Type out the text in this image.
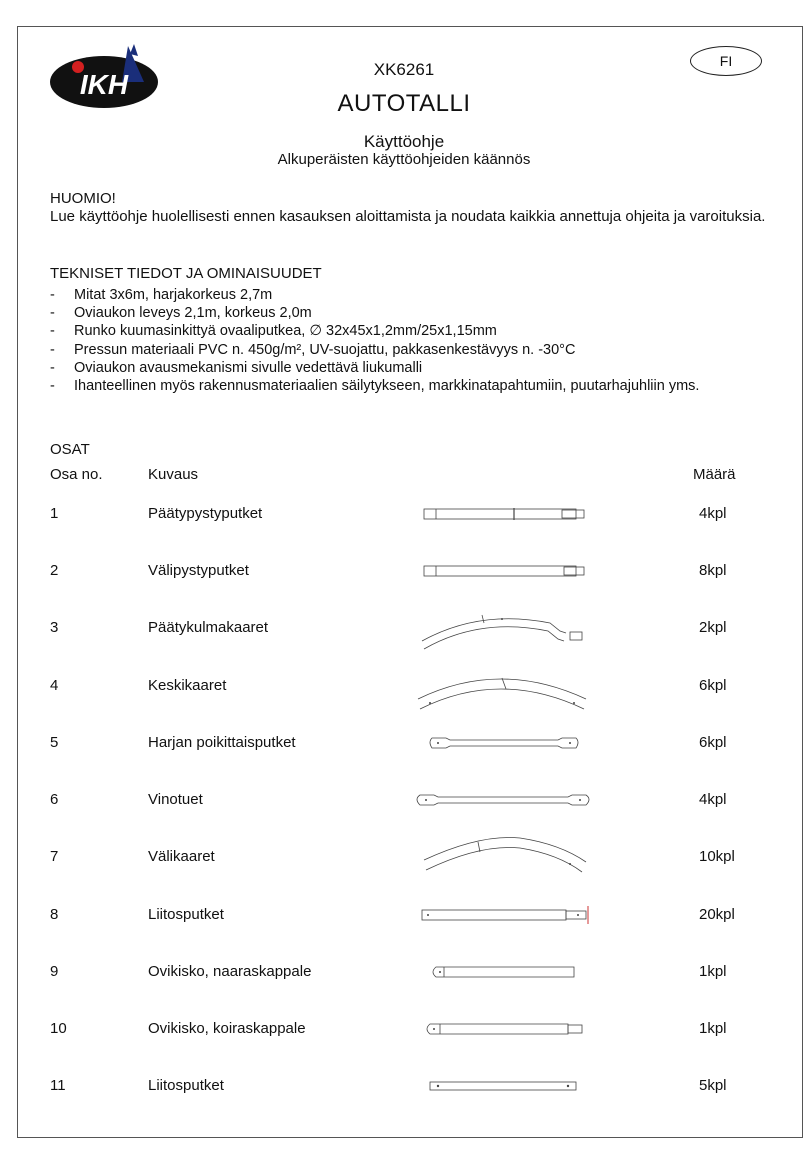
IKH
FI
XK6261
AUTOTALLI
Käyttöohje
Alkuperäisten käyttöohjeiden käännös
HUOMIO!
Lue käyttöohje huolellisesti ennen kasauksen aloittamista ja noudata kaikkia annettuja ohjeita ja varoituksia.
TEKNISET TIEDOT JA OMINAISUUDET
- Mitat 3x6m, harjakorkeus 2,7m
- Oviaukon leveys 2,1m, korkeus 2,0m
- Runko kuumasinkittyä ovaaliputkea, ∅ 32x45x1,2mm/25x1,15mm
- Pressun materiaali PVC n. 450g/m², UV-suojattu, pakkasenkestävyys n. -30°C
- Oviaukon avausmekanismi sivulle vedettävä liukumalli
- Ihanteellinen myös rakennusmateriaalien säilytykseen, markkinatapahtumiin, puutarhajuhliin yms.
OSAT
Osa no.	Kuvaus	Määrä
1	Päätypystyputket	4kpl
2	Välipystyputket	8kpl
3	Päätykulmakaaret	2kpl
4	Keskikaaret	6kpl
5	Harjan poikittaisputket	6kpl
6	Vinotuet	4kpl
7	Välikaaret	10kpl
8	Liitosputket	20kpl
9	Ovikisko, naaraskappale	1kpl
10	Ovikisko, koiraskappale	1kpl
11	Liitosputket	5kpl
